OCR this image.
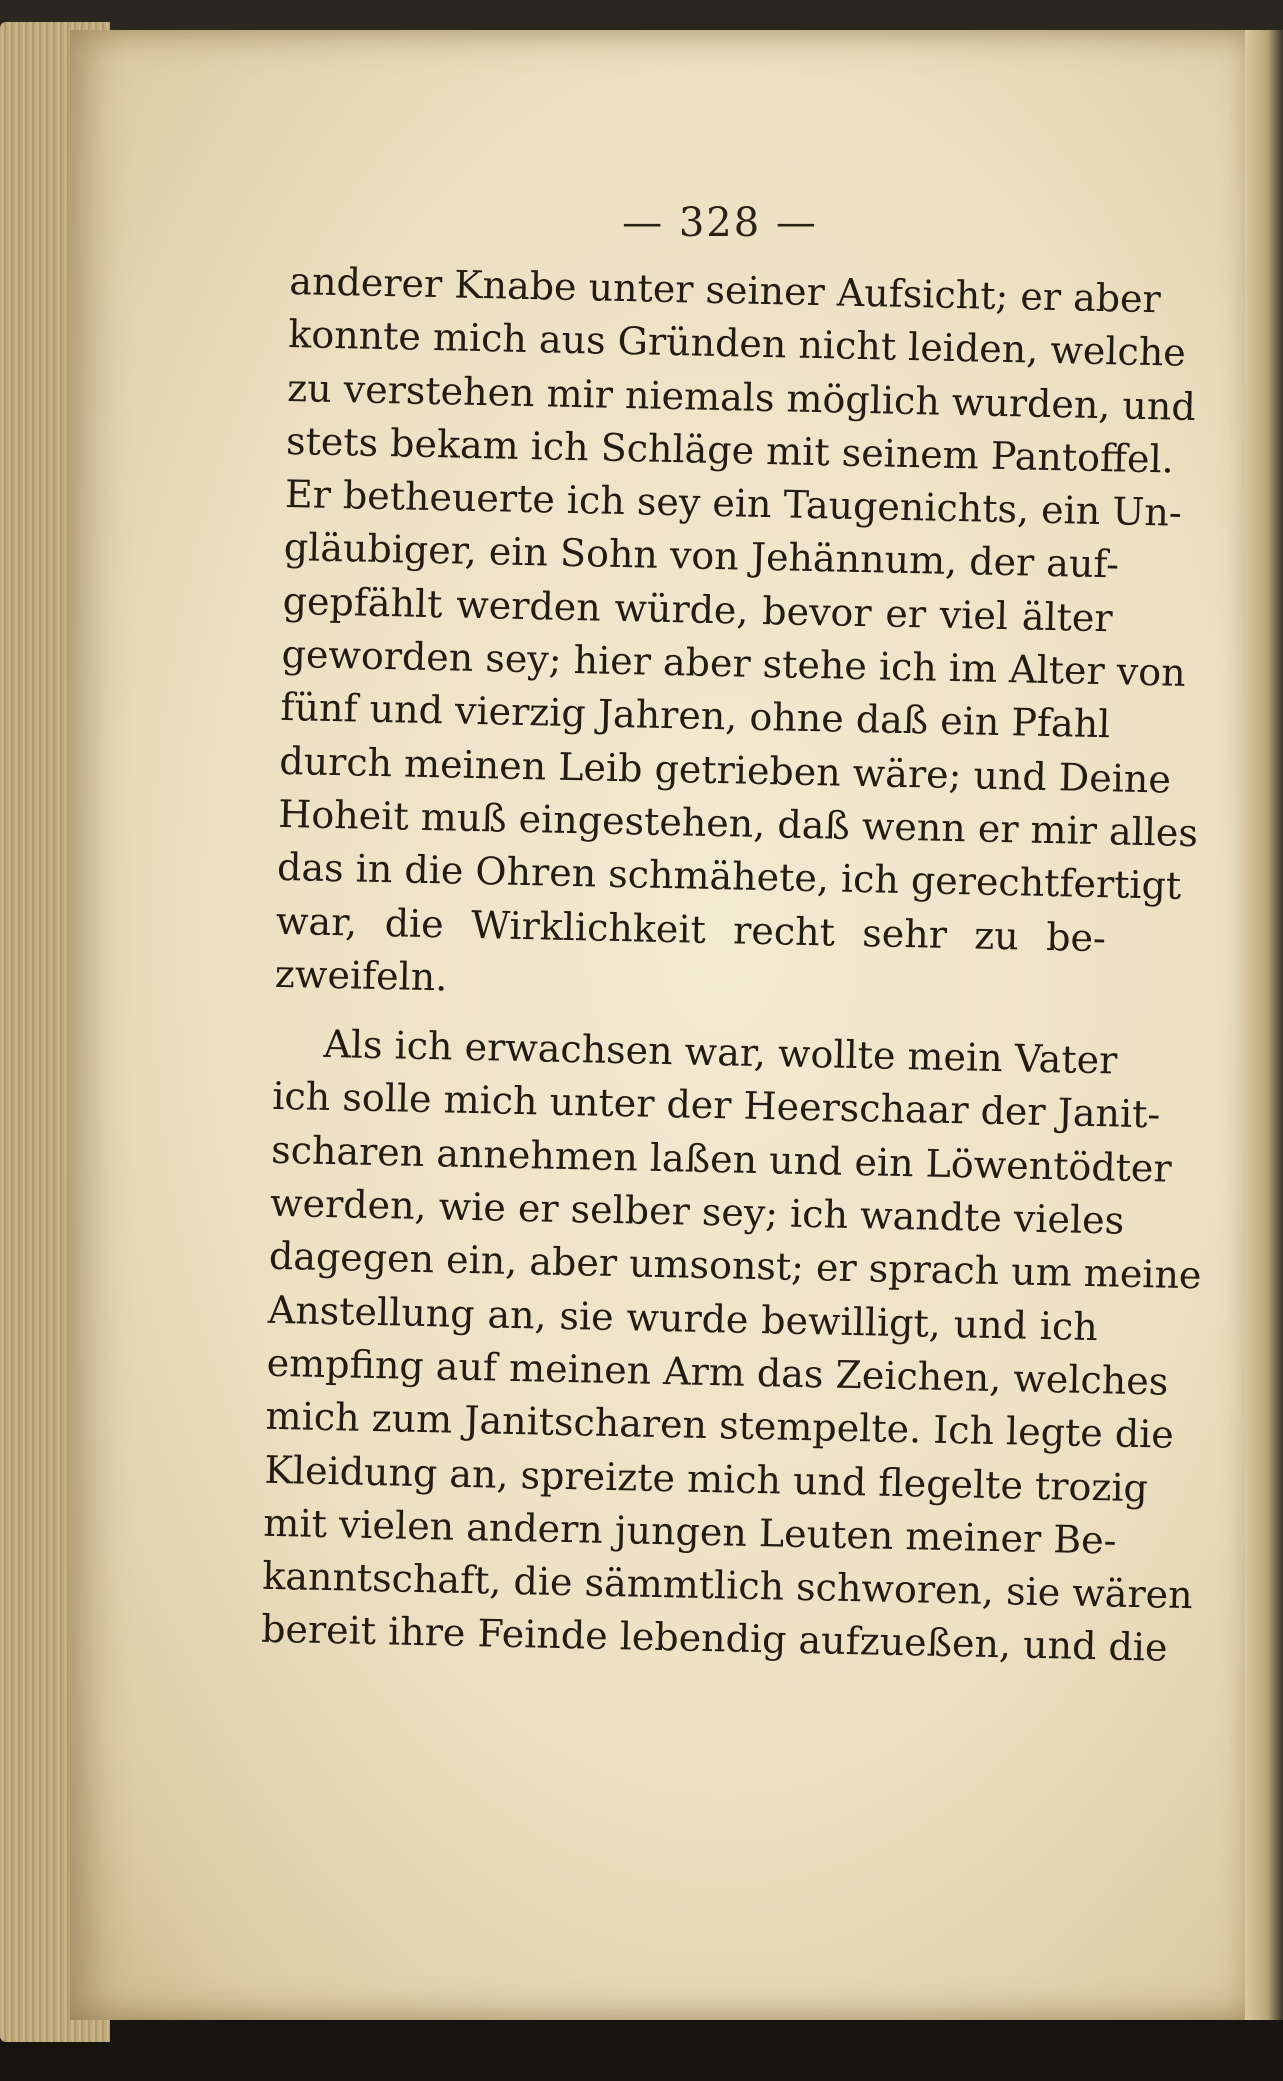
— 328 —
anderer Knabe unter seiner Aufsicht; er aber
konnte mich aus Gründen nicht leiden, welche
zu verstehen mir niemals möglich wurden, und
stets bekam ich Schläge mit seinem Pantoffel.
Er betheuerte ich sey ein Taugenichts, ein Un-
gläubiger, ein Sohn von Jehännum, der auf-
gepfählt werden würde, bevor er viel älter
geworden sey; hier aber stehe ich im Alter von
fünf und vierzig Jahren, ohne daß ein Pfahl
durch meinen Leib getrieben wäre; und Deine
Hoheit muß eingestehen, daß wenn er mir alles
das in die Ohren schmähete, ich gerechtfertigt
war, die Wirklichkeit recht sehr zu be-
zweifeln.
Als ich erwachsen war, wollte mein Vater
ich solle mich unter der Heerschaar der Janit-
scharen annehmen laßen und ein Löwentödter
werden, wie er selber sey; ich wandte vieles
dagegen ein, aber umsonst; er sprach um meine
Anstellung an, sie wurde bewilligt, und ich
empfing auf meinen Arm das Zeichen, welches
mich zum Janitscharen stempelte. Ich legte die
Kleidung an, spreizte mich und flegelte trozig
mit vielen andern jungen Leuten meiner Be-
kanntschaft, die sämmtlich schworen, sie wären
bereit ihre Feinde lebendig aufzueßen, und die
